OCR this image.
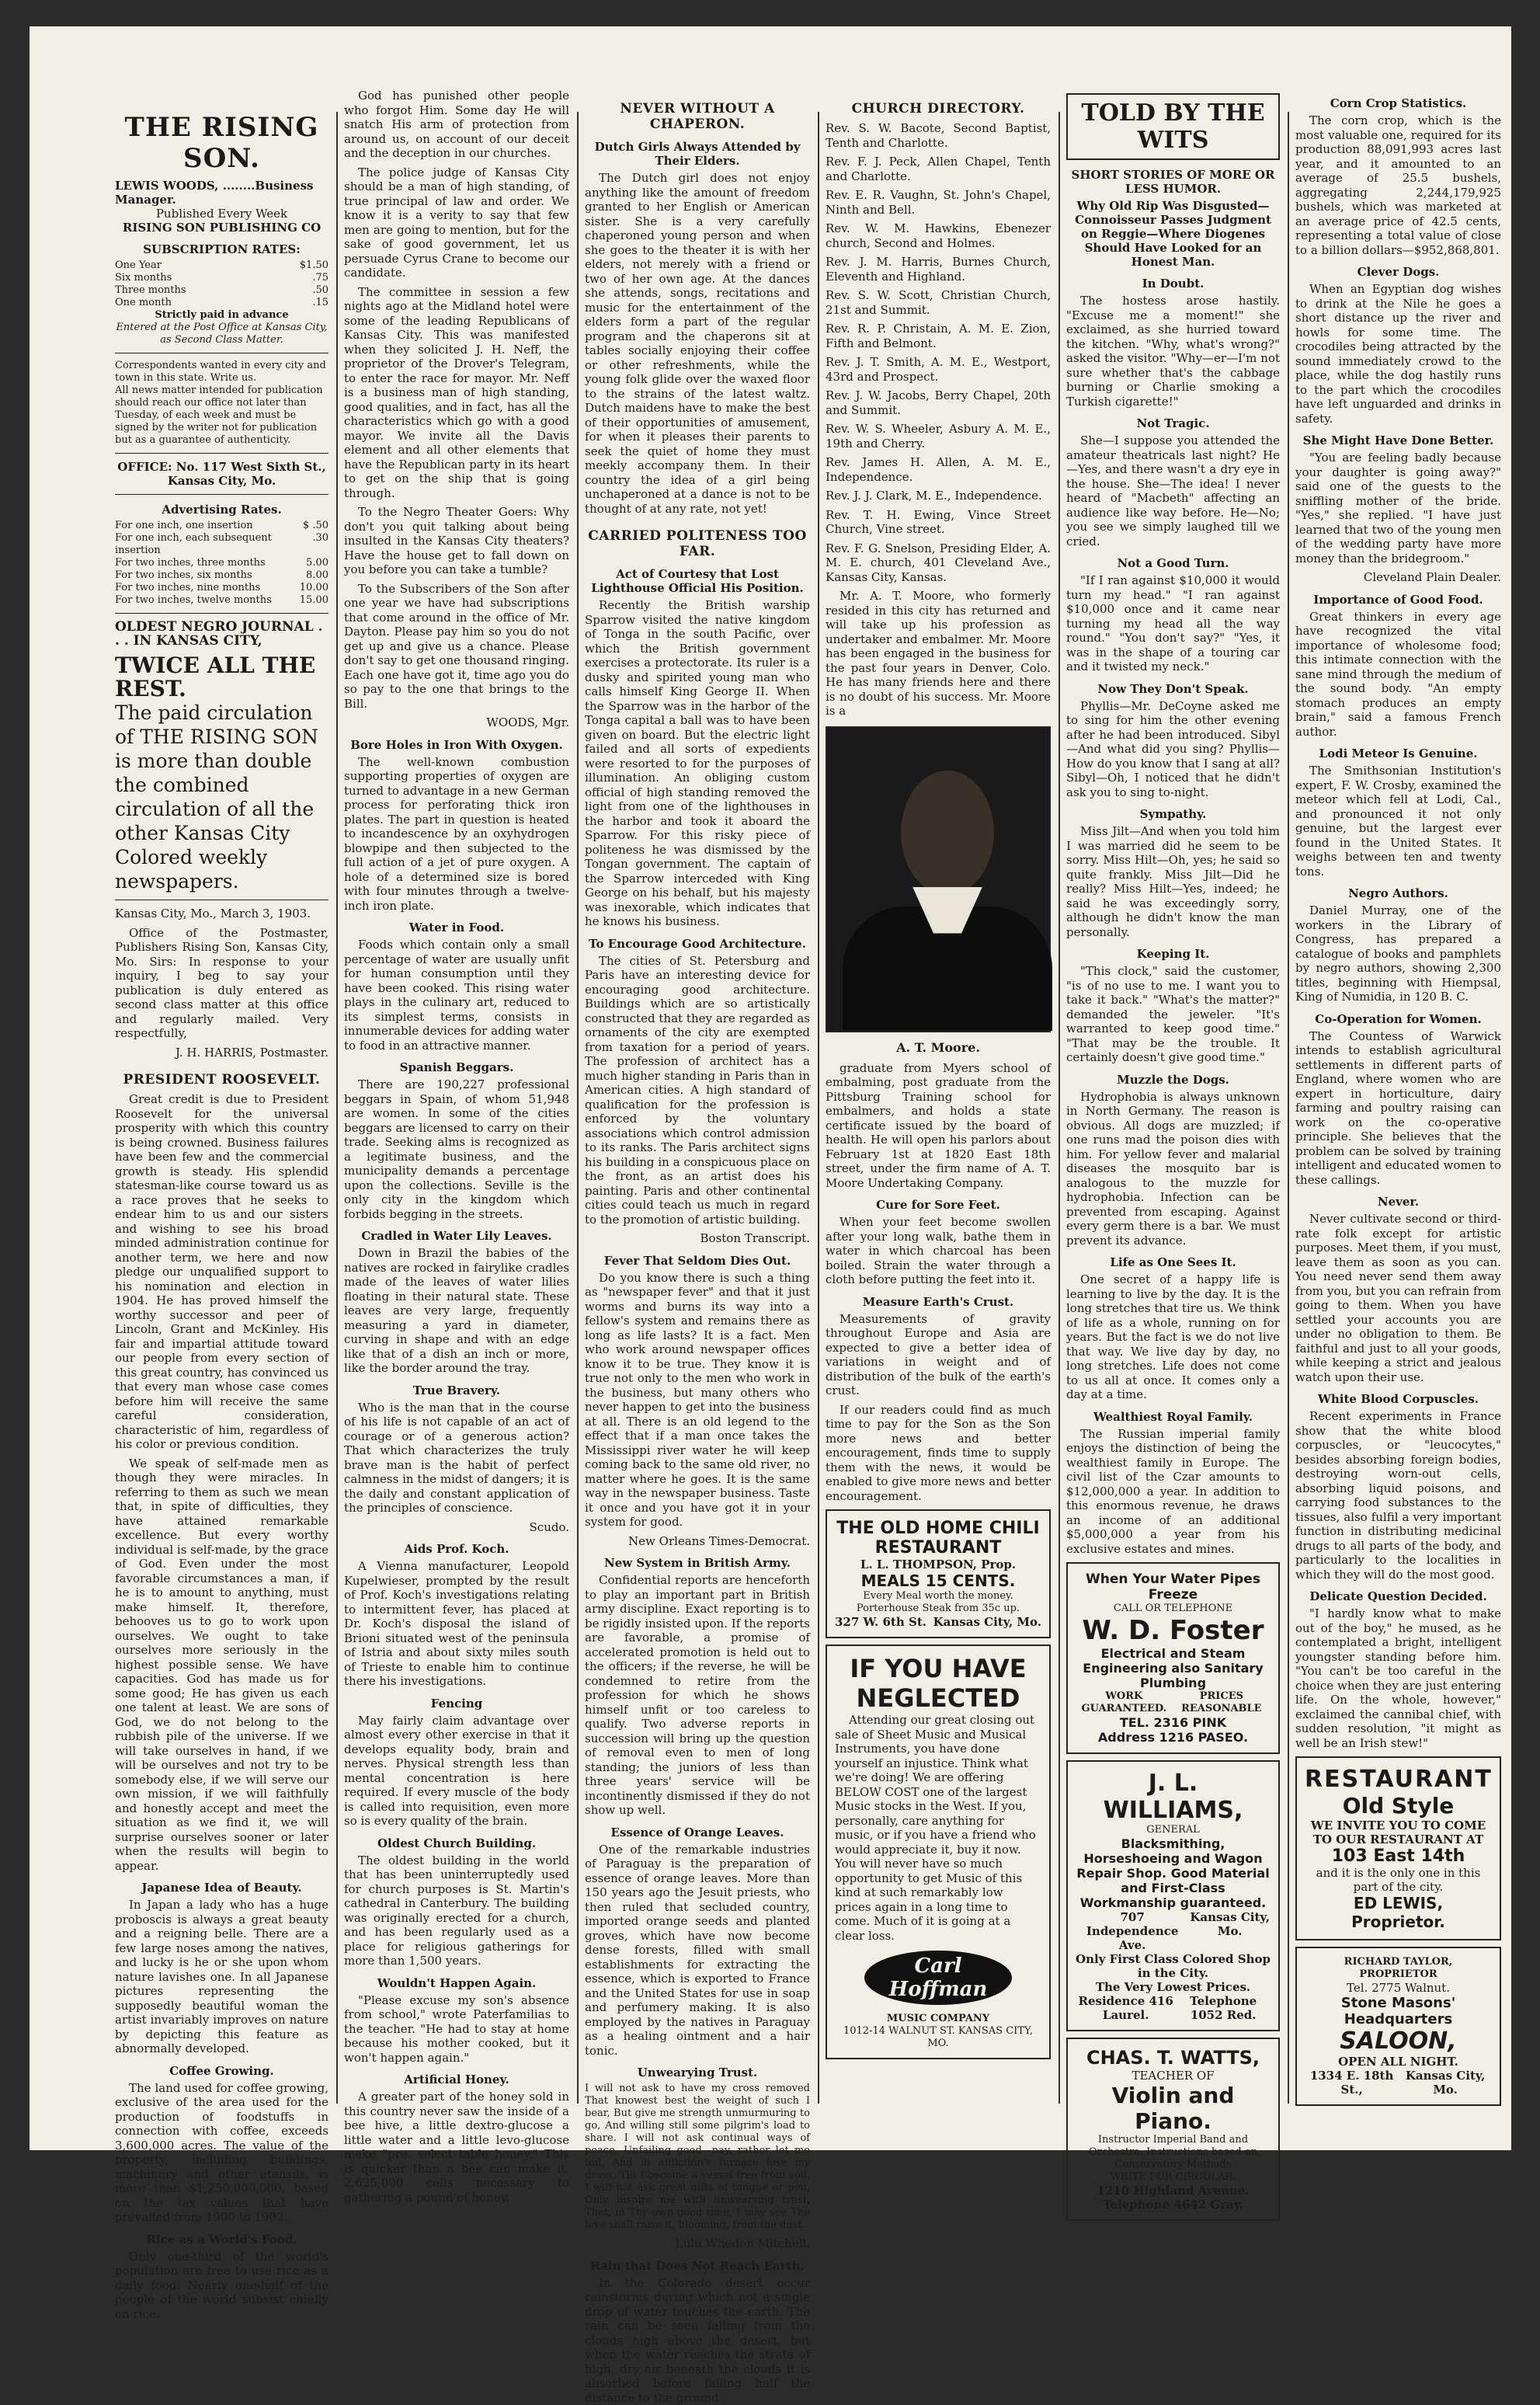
THE RISING SON.
LEWIS WOODS, ........Business Manager.
Published Every Week
RISING SON PUBLISHING CO
SUBSCRIPTION RATES:
One Year	$1.50
Six months	.75
Three months	.50
One month	.15
Strictly paid in advance
Entered at the Post Office at Kansas City, as Second Class Matter.
Correspondents wanted in every city and town in this state. Write us.
All news matter intended for publication should reach our office not later than Tuesday, of each week and must be signed by the writer not for publication but as a guarantee of authenticity.
OFFICE: No. 117 West Sixth St., Kansas City, Mo.
Advertising Rates.
For one inch, one insertion	$ .50
For one inch, each subsequent insertion
.30
For two inches, three months	5.00
For two inches, six months	8.00
For two inches, nine months	10.00
For two inches, twelve months	15.00
OLDEST NEGRO JOURNAL . . . IN KANSAS CITY,
TWICE ALL THE REST.
The paid circulation of THE RISING SON is more than double the combined circulation of all the other Kansas City Colored weekly newspapers.

Kansas City, Mo., March 3, 1903.

Office of the Postmaster, Publishers Rising Son, Kansas City, Mo. Sirs: In response to your inquiry, I beg to say your publication is duly entered as second class matter at this office and regularly mailed. Very respectfully,

J. H. HARRIS, Postmaster.

PRESIDENT ROOSEVELT.

Great credit is due to President Roosevelt for the universal prosperity with which this country is being crowned. Business failures have been few and the commercial growth is steady. His splendid statesman-like course toward us as a race proves that he seeks to endear him to us and our sisters and wishing to see his broad minded administration continue for another term, we here and now pledge our unqualified support to his nomination and election in 1904. He has proved himself the worthy successor and peer of Lincoln, Grant and McKinley. His fair and impartial attitude toward our people from every section of this great country, has convinced us that every man whose case comes before him will receive the same careful consideration, characteristic of him, regardless of his color or previous condition.

We speak of self-made men as though they were miracles. In referring to them as such we mean that, in spite of difficulties, they have attained remarkable excellence. But every worthy individual is self-made, by the grace of God. Even under the most favorable circumstances a man, if he is to amount to anything, must make himself. It, therefore, behooves us to go to work upon ourselves. We ought to take ourselves more seriously in the highest possible sense. We have capacities. God has made us for some good; He has given us each one talent at least. We are sons of God, we do not belong to the rubbish pile of the universe. If we will take ourselves in hand, if we will be ourselves and not try to be somebody else, if we will serve our own mission, if we will faithfully and honestly accept and meet the situation as we find it, we will surprise ourselves sooner or later when the results will begin to appear.

Japanese Idea of Beauty.

In Japan a lady who has a huge proboscis is always a great beauty and a reigning belle. There are a few large noses among the natives, and lucky is he or she upon whom nature lavishes one. In all Japanese pictures representing the supposedly beautiful woman the artist invariably improves on nature by depicting this feature as abnormally developed.

Coffee Growing.

The land used for coffee growing, exclusive of the area used for the production of foodstuffs in connection with coffee, exceeds 3,600,000 acres. The value of the property, including buildings, machinery and other utensils, is more than $1,250,000,000, based on the tax values that have prevailed from 1900 to 1902.

Rice as a World's Food.

Only one-third of the world's population are free to use rice as a daily food. Nearly one-half of the people of the world subsist chiefly on rice.

God has punished other people who forgot Him. Some day He will snatch His arm of protection from around us, on account of our deceit and the deception in our churches.

The police judge of Kansas City should be a man of high standing, of true principal of law and order. We know it is a verity to say that few men are going to mention, but for the sake of good government, let us persuade Cyrus Crane to become our candidate.

The committee in session a few nights ago at the Midland hotel were some of the leading Republicans of Kansas City. This was manifested when they solicited J. H. Neff, the proprietor of the Drover's Telegram, to enter the race for mayor. Mr. Neff is a business man of high standing, good qualities, and in fact, has all the characteristics which go with a good mayor. We invite all the Davis element and all other elements that have the Republican party in its heart to get on the ship that is going through.

To the Negro Theater Goers: Why don't you quit talking about being insulted in the Kansas City theaters? Have the house get to fall down on you before you can take a tumble?

To the Subscribers of the Son after one year we have had subscriptions that come around in the office of Mr. Dayton. Please pay him so you do not get up and give us a chance. Please don't say to get one thousand ringing. Each one have got it, time ago you do so pay to the one that brings to the Bill.

WOODS, Mgr.

Bore Holes in Iron With Oxygen.

The well-known combustion supporting properties of oxygen are turned to advantage in a new German process for perforating thick iron plates. The part in question is heated to incandescence by an oxyhydrogen blowpipe and then subjected to the full action of a jet of pure oxygen. A hole of a determined size is bored with four minutes through a twelve-inch iron plate.

Water in Food.

Foods which contain only a small percentage of water are usually unfit for human consumption until they have been cooked. This rising water plays in the culinary art, reduced to its simplest terms, consists in innumerable devices for adding water to food in an attractive manner.

Spanish Beggars.

There are 190,227 professional beggars in Spain, of whom 51,948 are women. In some of the cities beggars are licensed to carry on their trade. Seeking alms is recognized as a legitimate business, and the municipality demands a percentage upon the collections. Seville is the only city in the kingdom which forbids begging in the streets.

Cradled in Water Lily Leaves.

Down in Brazil the babies of the natives are rocked in fairylike cradles made of the leaves of water lilies floating in their natural state. These leaves are very large, frequently measuring a yard in diameter, curving in shape and with an edge like that of a dish an inch or more, like the border around the tray.

True Bravery.

Who is the man that in the course of his life is not capable of an act of courage or of a generous action? That which characterizes the truly brave man is the habit of perfect calmness in the midst of dangers; it is the daily and constant application of the principles of conscience.

Scudo.

Aids Prof. Koch.

A Vienna manufacturer, Leopold Kupelwieser, prompted by the result of Prof. Koch's investigations relating to intermittent fever, has placed at Dr. Koch's disposal the island of Brioni situated west of the peninsula of Istria and about sixty miles south of Trieste to enable him to continue there his investigations.

Fencing

May fairly claim advantage over almost every other exercise in that it develops equality body, brain and nerves. Physical strength less than mental concentration is here required. If every muscle of the body is called into requisition, even more so is every quality of the brain.

Oldest Church Building.

The oldest building in the world that has been uninterruptedly used for church purposes is St. Martin's cathedral in Canterbury. The building was originally erected for a church, and has been regularly used as a place for religious gatherings for more than 1,500 years.

Wouldn't Happen Again.

"Please excuse my son's absence from school," wrote Paterfamilias to the teacher. "He had to stay at home because his mother cooked, but it won't happen again."

Artificial Honey.

A greater part of the honey sold in this country never saw the inside of a bee hive, a little dextro-glucose a little water and a little levo-glucose make "pre. select table honey." This is quicker than a bee can make it. 2,625,000 cells necessary to gathering a pound of honey.

NEVER WITHOUT A CHAPERON.
Dutch Girls Always Attended by Their Elders.

The Dutch girl does not enjoy anything like the amount of freedom granted to her English or American sister. She is a very carefully chaperoned young person and when she goes to the theater it is with her elders, not merely with a friend or two of her own age. At the dances she attends, songs, recitations and music for the entertainment of the elders form a part of the regular program and the chaperons sit at tables socially enjoying their coffee or other refreshments, while the young folk glide over the waxed floor to the strains of the latest waltz. Dutch maidens have to make the best of their opportunities of amusement, for when it pleases their parents to seek the quiet of home they must meekly accompany them. In their country the idea of a girl being unchaperoned at a dance is not to be thought of at any rate, not yet!

CARRIED POLITENESS TOO FAR.
Act of Courtesy that Lost Lighthouse Official His Position.

Recently the British warship Sparrow visited the native kingdom of Tonga in the south Pacific, over which the British government exercises a protectorate. Its ruler is a dusky and spirited young man who calls himself King George II. When the Sparrow was in the harbor of the Tonga capital a ball was to have been given on board. But the electric light failed and all sorts of expedients were resorted to for the purposes of illumination. An obliging custom official of high standing removed the light from one of the lighthouses in the harbor and took it aboard the Sparrow. For this risky piece of politeness he was dismissed by the Tongan government. The captain of the Sparrow interceded with King George on his behalf, but his majesty was inexorable, which indicates that he knows his business.

To Encourage Good Architecture.

The cities of St. Petersburg and Paris have an interesting device for encouraging good architecture. Buildings which are so artistically constructed that they are regarded as ornaments of the city are exempted from taxation for a period of years. The profession of architect has a much higher standing in Paris than in American cities. A high standard of qualification for the profession is enforced by the voluntary associations which control admission to its ranks. The Paris architect signs his building in a conspicuous place on the front, as an artist does his painting. Paris and other continental cities could teach us much in regard to the promotion of artistic building.

Boston Transcript.

Fever That Seldom Dies Out.

Do you know there is such a thing as "newspaper fever" and that it just worms and burns its way into a fellow's system and remains there as long as life lasts? It is a fact. Men who work around newspaper offices know it to be true. They know it is true not only to the men who work in the business, but many others who never happen to get into the business at all. There is an old legend to the effect that if a man once takes the Mississippi river water he will keep coming back to the same old river, no matter where he goes. It is the same way in the newspaper business. Taste it once and you have got it in your system for good.

New Orleans Times-Democrat.

New System in British Army.

Confidential reports are henceforth to play an important part in British army discipline. Exact reporting is to be rigidly insisted upon. If the reports are favorable, a promise of accelerated promotion is held out to the officers; if the reverse, he will be condemned to retire from the profession for which he shows himself unfit or too careless to qualify. Two adverse reports in succession will bring up the question of removal even to men of long standing; the juniors of less than three years' service will be incontinently dismissed if they do not show up well.

Essence of Orange Leaves.

One of the remarkable industries of Paraguay is the preparation of essence of orange leaves. More than 150 years ago the Jesuit priests, who then ruled that secluded country, imported orange seeds and planted groves, which have now become dense forests, filled with small establishments for extracting the essence, which is exported to France and the United States for use in soap and perfumery making. It is also employed by the natives in Paraguay as a healing ointment and a hair tonic.

Unwearying Trust.

I will not ask to have my cross removed That knowest best the weight of such I bear, But give me strength unmurmuring to go, And willing still some pilgrim's load to share. I will not ask continual ways of peace, Unfailing good—nay, rather let me toil, And in affliction's furnace lose my dross, Till I become a vessel free from soil. I will not ask great gifts of tongue or pen, Only inspire me with unwearying trust, That, in Thy own good time, I may see The love shall raise it, blooming, from the dust.

Lulu Whedon Mitchell.

Rain that Does Not Reach Earth.

In the Colorado desert occur rainstorms during which not a single drop of water touches the earth. The rain can be seen falling from the clouds high above the desert, but when the water reaches the strata of high, dry air beneath the clouds it is absorbed before falling half the distance to the ground.

CHURCH DIRECTORY.

Rev. S. W. Bacote, Second Baptist, Tenth and Charlotte.

Rev. F. J. Peck, Allen Chapel, Tenth and Charlotte.

Rev. E. R. Vaughn, St. John's Chapel, Ninth and Bell.

Rev. W. M. Hawkins, Ebenezer church, Second and Holmes.

Rev. J. M. Harris, Burnes Church, Eleventh and Highland.

Rev. S. W. Scott, Christian Church, 21st and Summit.

Rev. R. P. Christain, A. M. E. Zion, Fifth and Belmont.

Rev. J. T. Smith, A. M. E., Westport, 43rd and Prospect.

Rev. J. W. Jacobs, Berry Chapel, 20th and Summit.

Rev. W. S. Wheeler, Asbury A. M. E., 19th and Cherry.

Rev. James H. Allen, A. M. E., Independence.

Rev. J. J. Clark, M. E., Independence.

Rev. T. H. Ewing, Vince Street Church, Vine street.

Rev. F. G. Snelson, Presiding Elder, A. M. E. church, 401 Cleveland Ave., Kansas City, Kansas.

Mr. A. T. Moore, who formerly resided in this city has returned and will take up his profession as undertaker and embalmer. Mr. Moore has been engaged in the business for the past four years in Denver, Colo. He has many friends here and there is no doubt of his success. Mr. Moore is a

A. T. Moore.

graduate from Myers school of embalming, post graduate from the Pittsburg Training school for embalmers, and holds a state certificate issued by the board of health. He will open his parlors about February 1st at 1820 East 18th street, under the firm name of A. T. Moore Undertaking Company.

Cure for Sore Feet.

When your feet become swollen after your long walk, bathe them in water in which charcoal has been boiled. Strain the water through a cloth before putting the feet into it.

Measure Earth's Crust.

Measurements of gravity throughout Europe and Asia are expected to give a better idea of variations in weight and of distribution of the bulk of the earth's crust.

If our readers could find as much time to pay for the Son as the Son more news and better encouragement, finds time to supply them with the news, it would be enabled to give more news and better encouragement.

THE OLD HOME CHILI RESTAURANT
L. L. THOMPSON, Prop.
MEALS 15 CENTS.
Every Meal worth the money. Porterhouse Steak from 35c up.
327 W. 6th St. Kansas City, Mo.
IF YOU HAVE NEGLECTED

Attending our great closing out sale of Sheet Music and Musical Instruments, you have done yourself an injustice. Think what we're doing! We are offering BELOW COST one of the largest Music stocks in the West. If you, personally, care anything for music, or if you have a friend who would appreciate it, buy it now. You will never have so much opportunity to get Music of this kind at such remarkably low prices again in a long time to come. Much of it is going at a clear loss.

Carl Hoffman
MUSIC COMPANY
1012-14 WALNUT ST. KANSAS CITY, MO.
TOLD BY THE WITS
SHORT STORIES OF MORE OR LESS HUMOR.
Why Old Rip Was Disgusted—Connoisseur Passes Judgment on Reggie—Where Diogenes Should Have Looked for an Honest Man.
In Doubt.

The hostess arose hastily. "Excuse me a moment!" she exclaimed, as she hurried toward the kitchen. "Why, what's wrong?" asked the visitor. "Why—er—I'm not sure whether that's the cabbage burning or Charlie smoking a Turkish cigarette!"

Not Tragic.

She—I suppose you attended the amateur theatricals last night? He—Yes, and there wasn't a dry eye in the house. She—The idea! I never heard of "Macbeth" affecting an audience like way before. He—No; you see we simply laughed till we cried.

Not a Good Turn.

"If I ran against $10,000 it would turn my head." "I ran against $10,000 once and it came near turning my head all the way round." "You don't say?" "Yes, it was in the shape of a touring car and it twisted my neck."

Now They Don't Speak.

Phyllis—Mr. DeCoyne asked me to sing for him the other evening after he had been introduced. Sibyl—And what did you sing? Phyllis—How do you know that I sang at all? Sibyl—Oh, I noticed that he didn't ask you to sing to-night.

Sympathy.

Miss Jilt—And when you told him I was married did he seem to be sorry. Miss Hilt—Oh, yes; he said so quite frankly. Miss Jilt—Did he really? Miss Hilt—Yes, indeed; he said he was exceedingly sorry, although he didn't know the man personally.

Keeping It.

"This clock," said the customer, "is of no use to me. I want you to take it back." "What's the matter?" demanded the jeweler. "It's warranted to keep good time." "That may be the trouble. It certainly doesn't give good time."

Muzzle the Dogs.

Hydrophobia is always unknown in North Germany. The reason is obvious. All dogs are muzzled; if one runs mad the poison dies with him. For yellow fever and malarial diseases the mosquito bar is analogous to the muzzle for hydrophobia. Infection can be prevented from escaping. Against every germ there is a bar. We must prevent its advance.

Life as One Sees It.

One secret of a happy life is learning to live by the day. It is the long stretches that tire us. We think of life as a whole, running on for years. But the fact is we do not live that way. We live day by day, no long stretches. Life does not come to us all at once. It comes only a day at a time.

Wealthiest Royal Family.

The Russian imperial family enjoys the distinction of being the wealthiest family in Europe. The civil list of the Czar amounts to $12,000,000 a year. In addition to this enormous revenue, he draws an income of an additional $5,000,000 a year from his exclusive estates and mines.

When Your Water Pipes Freeze
CALL OR TELEPHONE
W. D. Foster
Electrical and Steam Engineering also Sanitary Plumbing
WORK GUARANTEED.
PRICES REASONABLE
TEL. 2316 PINK
Address 1216 PASEO.
J. L. WILLIAMS,
GENERAL
Blacksmithing, Horseshoeing and Wagon Repair Shop. Good Material and First-Class Workmanship guaranteed.
707 Independence Ave.
Kansas City, Mo.
Only First Class Colored Shop in the City.
The Very Lowest Prices.
Residence 416 Laurel.
Telephone 1052 Red.
CHAS. T. WATTS,
TEACHER OF
Violin and Piano.
Instructor Imperial Band and Orchestra. Instructions based on Conservatory Methods
WRITE FOR CIRCULAR.
1210 Highland Avenue.
Telephone 4642 Gray.
Corn Crop Statistics.

The corn crop, which is the most valuable one, required for its production 88,091,993 acres last year, and it amounted to an average of 25.5 bushels, aggregating 2,244,179,925 bushels, which was marketed at an average price of 42.5 cents, representing a total value of close to a billion dollars—$952,868,801.

Clever Dogs.

When an Egyptian dog wishes to drink at the Nile he goes a short distance up the river and howls for some time. The crocodiles being attracted by the sound immediately crowd to the place, while the dog hastily runs to the part which the crocodiles have left unguarded and drinks in safety.

She Might Have Done Better.

"You are feeling badly because your daughter is going away?" said one of the guests to the sniffling mother of the bride. "Yes," she replied. "I have just learned that two of the young men of the wedding party have more money than the bridegroom."

Cleveland Plain Dealer.

Importance of Good Food.

Great thinkers in every age have recognized the vital importance of wholesome food; this intimate connection with the sane mind through the medium of the sound body. "An empty stomach produces an empty brain," said a famous French author.

Lodi Meteor Is Genuine.

The Smithsonian Institution's expert, F. W. Crosby, examined the meteor which fell at Lodi, Cal., and pronounced it not only genuine, but the largest ever found in the United States. It weighs between ten and twenty tons.

Negro Authors.

Daniel Murray, one of the workers in the Library of Congress, has prepared a catalogue of books and pamphlets by negro authors, showing 2,300 titles, beginning with Hiempsal, King of Numidia, in 120 B. C.

Co-Operation for Women.

The Countess of Warwick intends to establish agricultural settlements in different parts of England, where women who are expert in horticulture, dairy farming and poultry raising can work on the co-operative principle. She believes that the problem can be solved by training intelligent and educated women to these callings.

Never.

Never cultivate second or third-rate folk except for artistic purposes. Meet them, if you must, leave them as soon as you can. You need never send them away from you, but you can refrain from going to them. When you have settled your accounts you are under no obligation to them. Be faithful and just to all your goods, while keeping a strict and jealous watch upon their use.

White Blood Corpuscles.

Recent experiments in France show that the white blood corpuscles, or "leucocytes," besides absorbing foreign bodies, destroying worn-out cells, absorbing liquid poisons, and carrying food substances to the tissues, also fulfil a very important function in distributing medicinal drugs to all parts of the body, and particularly to the localities in which they will do the most good.

Delicate Question Decided.

"I hardly know what to make out of the boy," he mused, as he contemplated a bright, intelligent youngster standing before him. "You can't be too careful in the choice when they are just entering life. On the whole, however," exclaimed the cannibal chief, with sudden resolution, "it might as well be an Irish stew!"

RESTAURANT
Old Style
WE INVITE YOU TO COME TO OUR RESTAURANT AT
103 East 14th
and it is the only one in this part of the city.
ED LEWIS, Proprietor.
RICHARD TAYLOR, PROPRIETOR
Tel. 2775 Walnut.
Stone Masons' Headquarters
SALOON,
OPEN ALL NIGHT.
1334 E. 18th St.,
Kansas City, Mo.
